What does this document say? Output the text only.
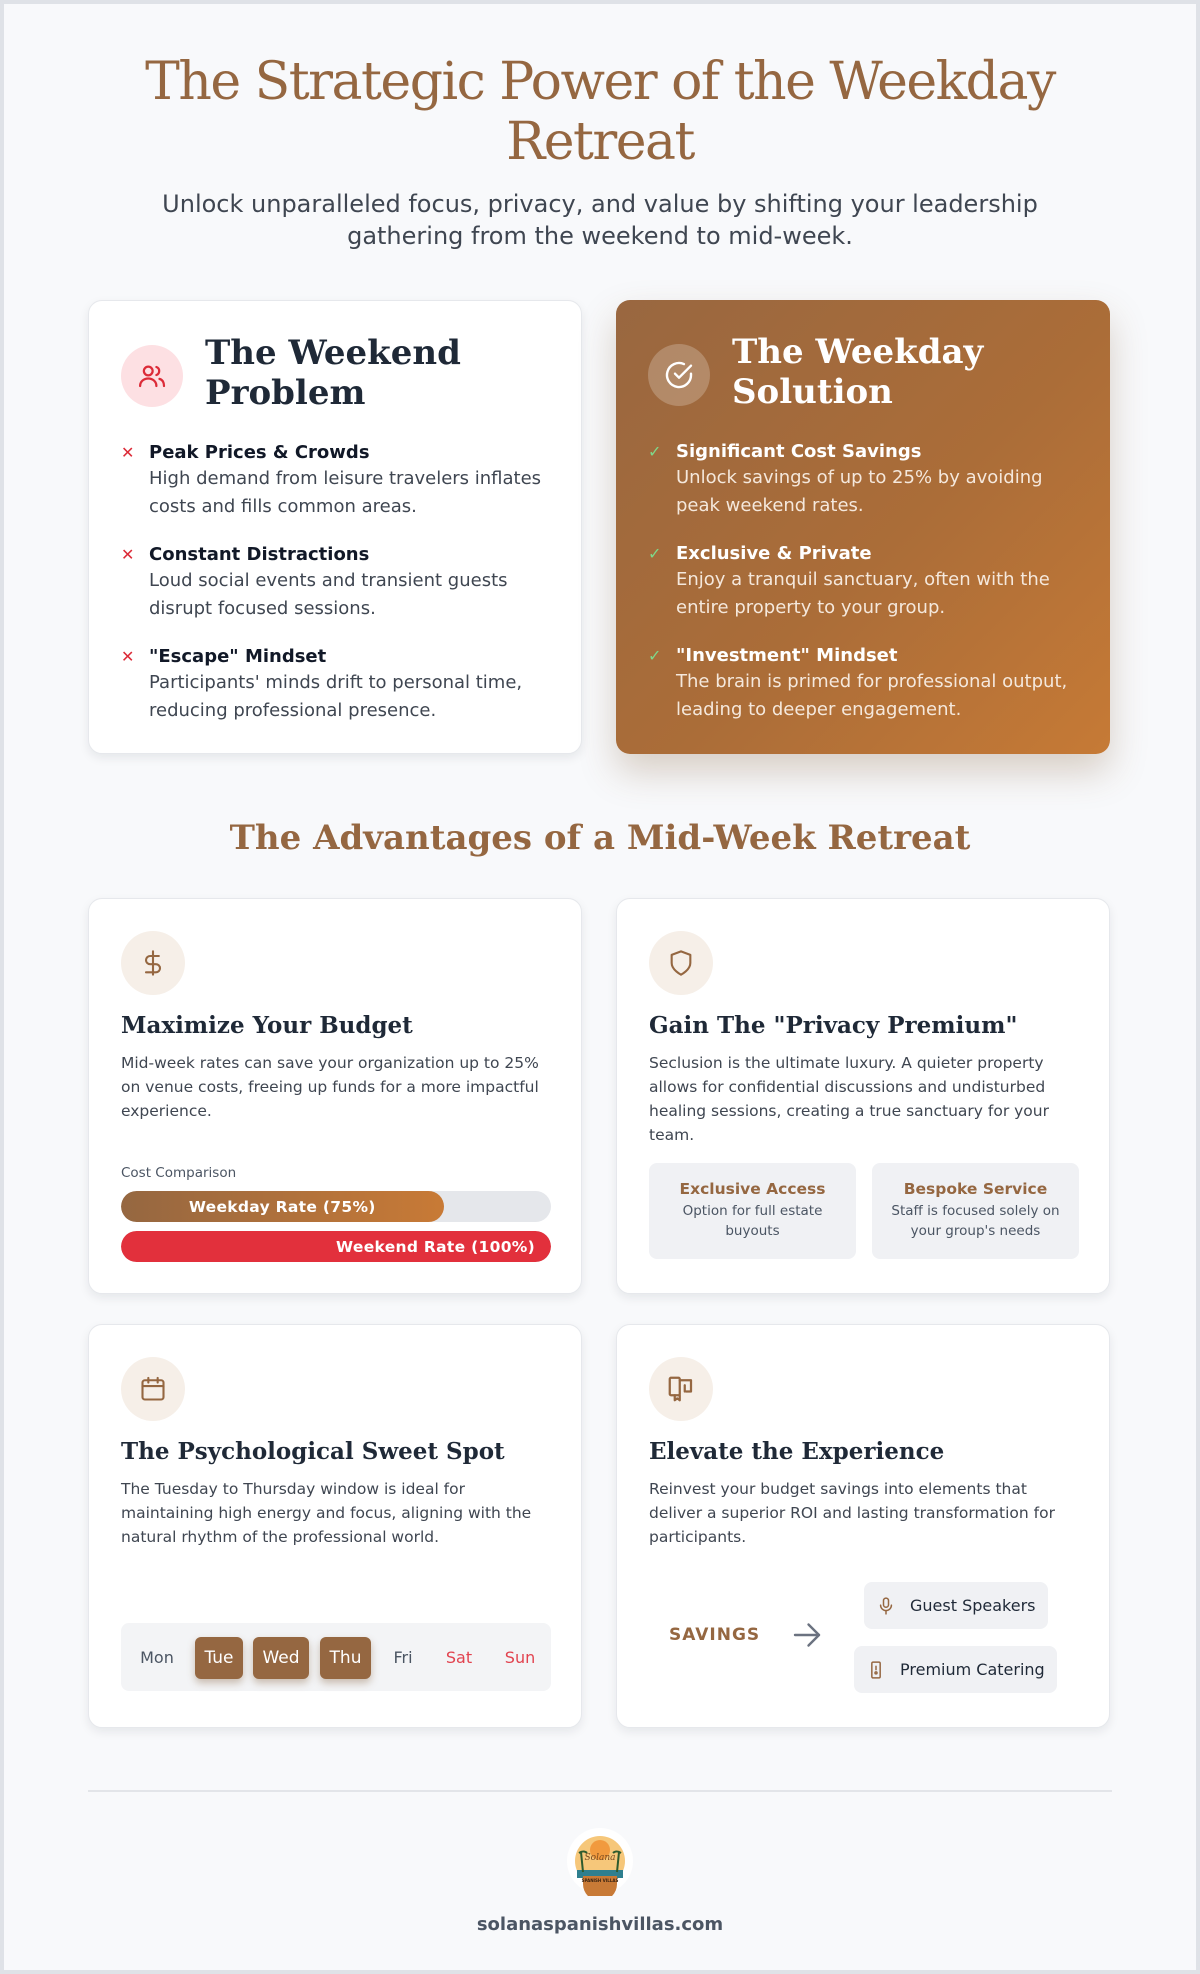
The Strategic Power of the Weekday Retreat

Unlock unparalleled focus, privacy, and value by shifting your leadership gathering from the weekend to mid-week.

The Weekend Problem
✕ Peak Prices & Crowds
High demand from leisure travelers inflates costs and fills common areas.
✕ Constant Distractions
Loud social events and transient guests disrupt focused sessions.
✕ "Escape" Mindset
Participants' minds drift to personal time, reducing professional presence.
The Weekday Solution
✓ Significant Cost Savings
Unlock savings of up to 25% by avoiding peak weekend rates.
✓ Exclusive & Private
Enjoy a tranquil sanctuary, often with the entire property to your group.
✓ "Investment" Mindset
The brain is primed for professional output, leading to deeper engagement.
The Advantages of a Mid-Week Retreat
Maximize Your Budget

Mid-week rates can save your organization up to 25% on venue costs, freeing up funds for a more impactful experience.

Cost Comparison
Weekday Rate (75%)
Weekend Rate (100%)
Gain The "Privacy Premium"

Seclusion is the ultimate luxury. A quieter property allows for confidential discussions and undisturbed healing sessions, creating a true sanctuary for your team.

Exclusive Access
Option for full estate buyouts
Bespoke Service
Staff is focused solely on your group's needs
The Psychological Sweet Spot

The Tuesday to Thursday window is ideal for maintaining high energy and focus, aligning with the natural rhythm of the professional world.

Mon	Tue	Wed	Thu	Fri	Sat	Sun
Elevate the Experience

Reinvest your budget savings into elements that deliver a superior ROI and lasting transformation for participants.

SAVINGS
Guest Speakers
Premium Catering
Solana
SPANISH VILLAS
solanaspanishvillas.com
